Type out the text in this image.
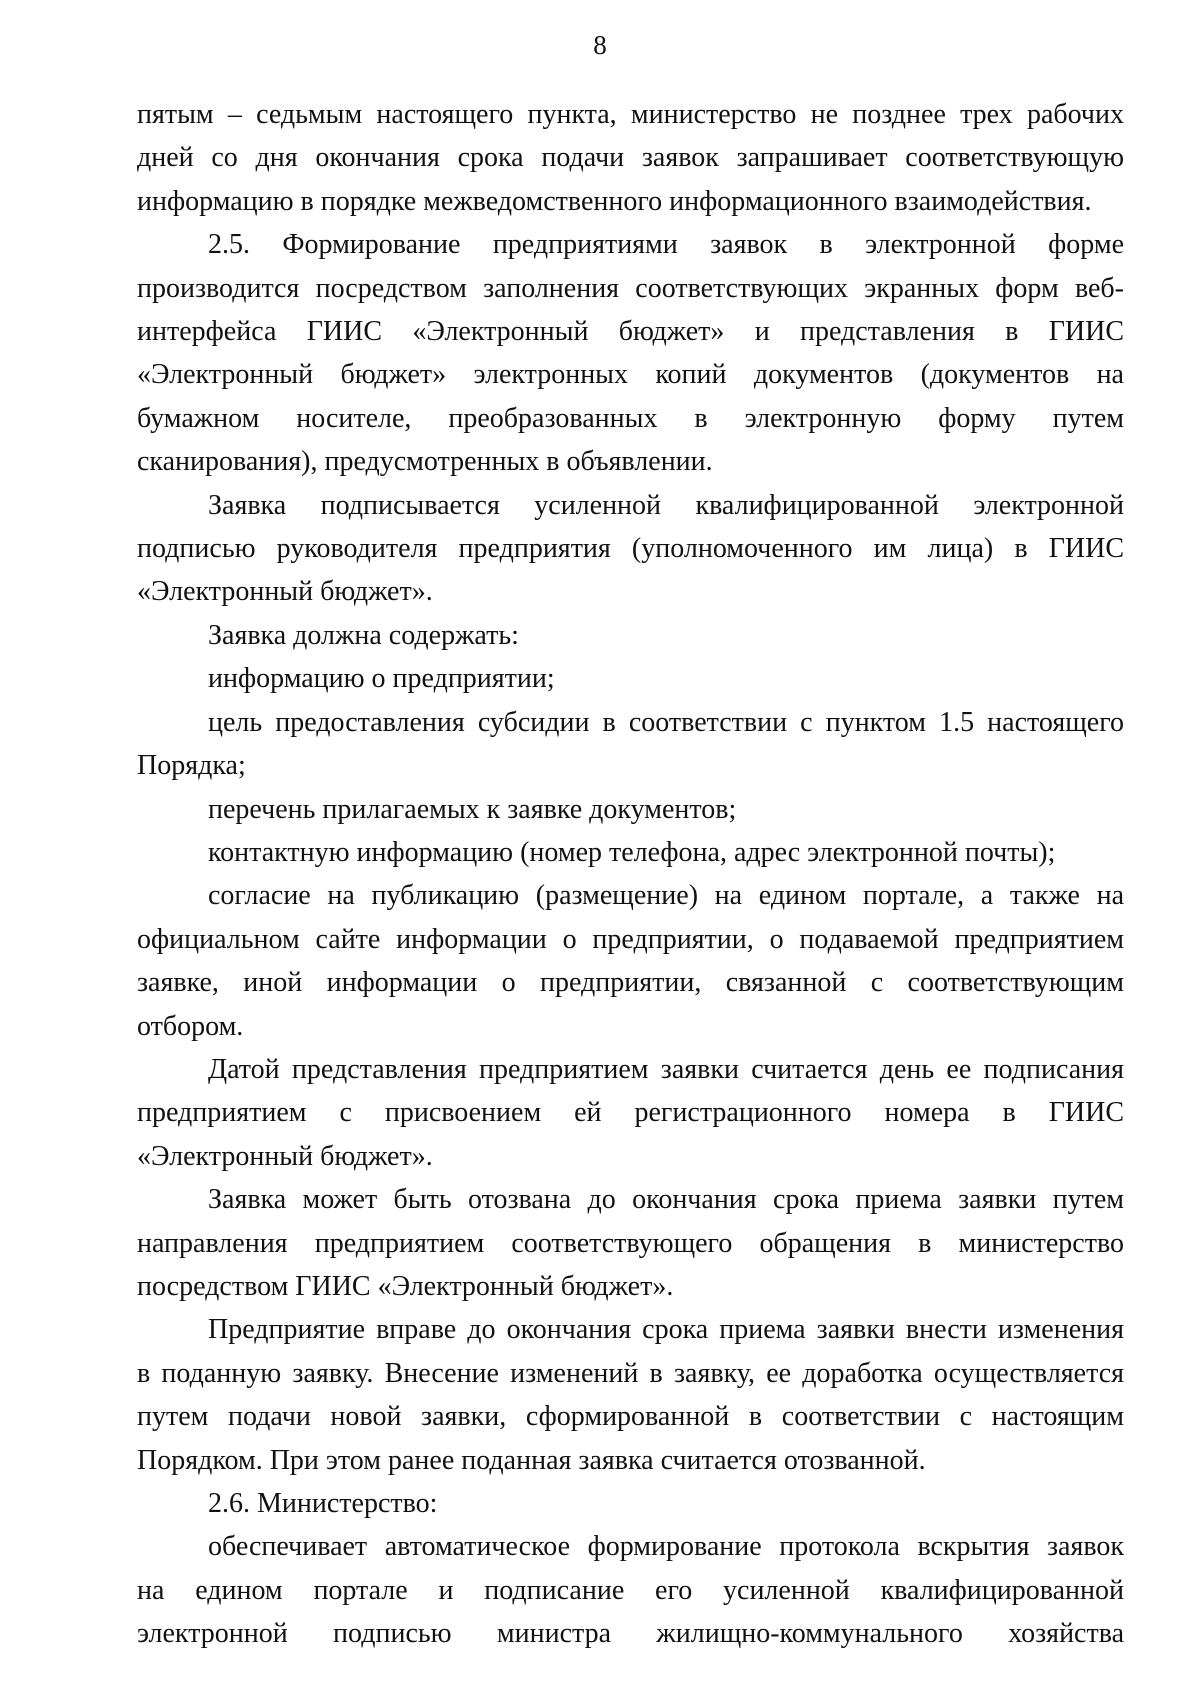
8

пятым – седьмым настоящего пункта, министерство не позднее трех рабочих

дней со дня окончания срока подачи заявок запрашивает соответствующую

информацию в порядке межведомственного информационного взаимодействия.

2.5. Формирование предприятиями заявок в электронной форме

производится посредством заполнения соответствующих экранных форм веб-

интерфейса ГИИС «Электронный бюджет» и представления в ГИИС

«Электронный бюджет» электронных копий документов (документов на

бумажном носителе, преобразованных в электронную форму путем

сканирования), предусмотренных в объявлении.

Заявка подписывается усиленной квалифицированной электронной

подписью руководителя предприятия (уполномоченного им лица) в ГИИС

«Электронный бюджет».

Заявка должна содержать:

информацию о предприятии;

цель предоставления субсидии в соответствии с пунктом 1.5 настоящего

Порядка;

перечень прилагаемых к заявке документов;

контактную информацию (номер телефона, адрес электронной почты);

согласие на публикацию (размещение) на едином портале, а также на

официальном сайте информации о предприятии, о подаваемой предприятием

заявке, иной информации о предприятии, связанной с соответствующим

отбором.

Датой представления предприятием заявки считается день ее подписания

предприятием с присвоением ей регистрационного номера в ГИИС

«Электронный бюджет».

Заявка может быть отозвана до окончания срока приема заявки путем

направления предприятием соответствующего обращения в министерство

посредством ГИИС «Электронный бюджет».

Предприятие вправе до окончания срока приема заявки внести изменения

в поданную заявку. Внесение изменений в заявку, ее доработка осуществляется

путем подачи новой заявки, сформированной в соответствии с настоящим

Порядком. При этом ранее поданная заявка считается отозванной.

2.6. Министерство:

обеспечивает автоматическое формирование протокола вскрытия заявок

на едином портале и подписание его усиленной квалифицированной

электронной подписью министра жилищно-коммунального хозяйства
